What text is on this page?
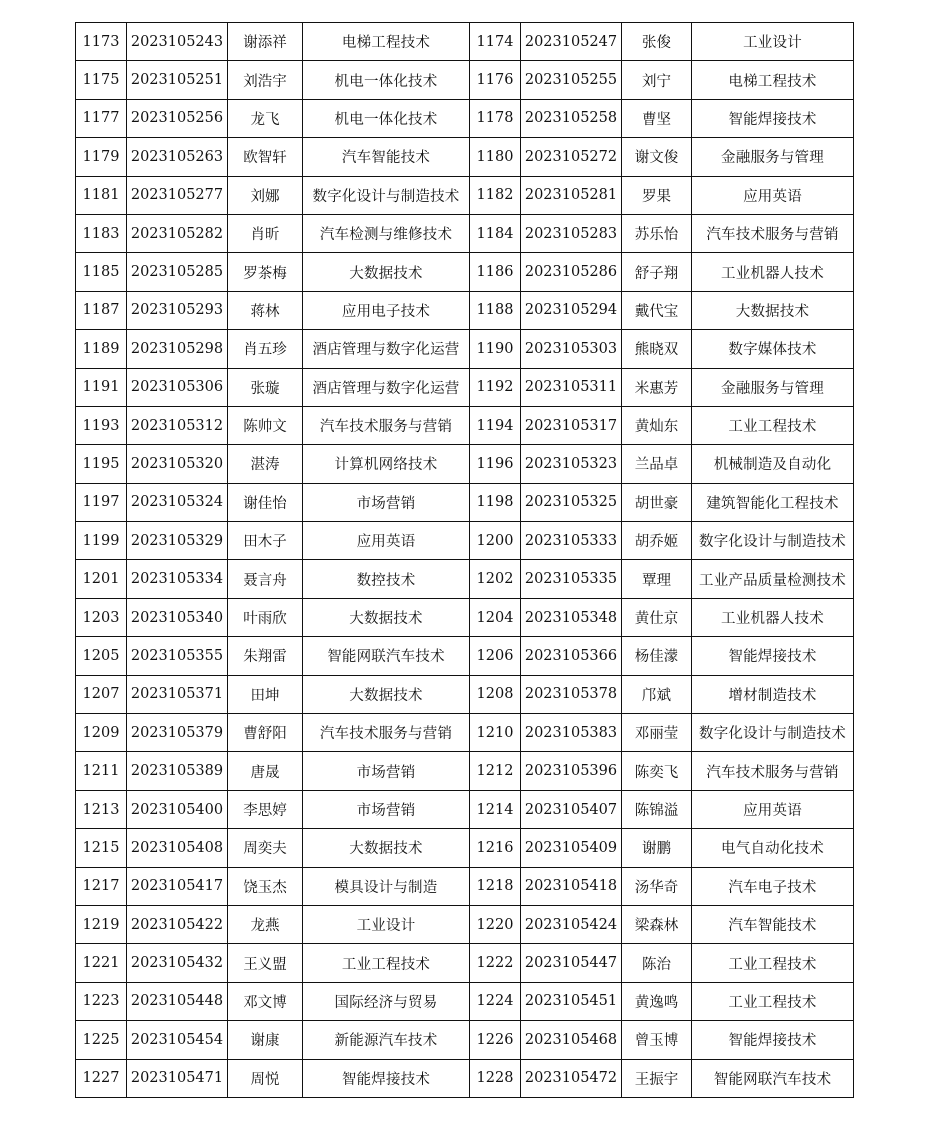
1173	2023105243	谢添祥	电梯工程技术	1174	2023105247	张俊	工业设计
1175	2023105251	刘浩宇	机电一体化技术	1176	2023105255	刘宁	电梯工程技术
1177	2023105256	龙飞	机电一体化技术	1178	2023105258	曹坚	智能焊接技术
1179	2023105263	欧智轩	汽车智能技术	1180	2023105272	谢文俊	金融服务与管理
1181	2023105277	刘娜	数字化设计与制造技术	1182	2023105281	罗果	应用英语
1183	2023105282	肖昕	汽车检测与维修技术	1184	2023105283	苏乐怡	汽车技术服务与营销
1185	2023105285	罗茶梅	大数据技术	1186	2023105286	舒子翔	工业机器人技术
1187	2023105293	蒋林	应用电子技术	1188	2023105294	戴代宝	大数据技术
1189	2023105298	肖五珍	酒店管理与数字化运营	1190	2023105303	熊晓双	数字媒体技术
1191	2023105306	张璇	酒店管理与数字化运营	1192	2023105311	米惠芳	金融服务与管理
1193	2023105312	陈帅文	汽车技术服务与营销	1194	2023105317	黄灿东	工业工程技术
1195	2023105320	湛涛	计算机网络技术	1196	2023105323	兰品卓	机械制造及自动化
1197	2023105324	谢佳怡	市场营销	1198	2023105325	胡世豪	建筑智能化工程技术
1199	2023105329	田木子	应用英语	1200	2023105333	胡乔姬	数字化设计与制造技术
1201	2023105334	聂言舟	数控技术	1202	2023105335	覃理	工业产品质量检测技术
1203	2023105340	叶雨欣	大数据技术	1204	2023105348	黄仕京	工业机器人技术
1205	2023105355	朱翔雷	智能网联汽车技术	1206	2023105366	杨佳濛	智能焊接技术
1207	2023105371	田坤	大数据技术	1208	2023105378	邝斌	增材制造技术
1209	2023105379	曹舒阳	汽车技术服务与营销	1210	2023105383	邓丽莹	数字化设计与制造技术
1211	2023105389	唐晟	市场营销	1212	2023105396	陈奕飞	汽车技术服务与营销
1213	2023105400	李思婷	市场营销	1214	2023105407	陈锦溢	应用英语
1215	2023105408	周奕夫	大数据技术	1216	2023105409	谢鹏	电气自动化技术
1217	2023105417	饶玉杰	模具设计与制造	1218	2023105418	汤华奇	汽车电子技术
1219	2023105422	龙燕	工业设计	1220	2023105424	梁森林	汽车智能技术
1221	2023105432	王义盟	工业工程技术	1222	2023105447	陈治	工业工程技术
1223	2023105448	邓文博	国际经济与贸易	1224	2023105451	黄逸鸣	工业工程技术
1225	2023105454	谢康	新能源汽车技术	1226	2023105468	曾玉博	智能焊接技术
1227	2023105471	周悦	智能焊接技术	1228	2023105472	王振宇	智能网联汽车技术
